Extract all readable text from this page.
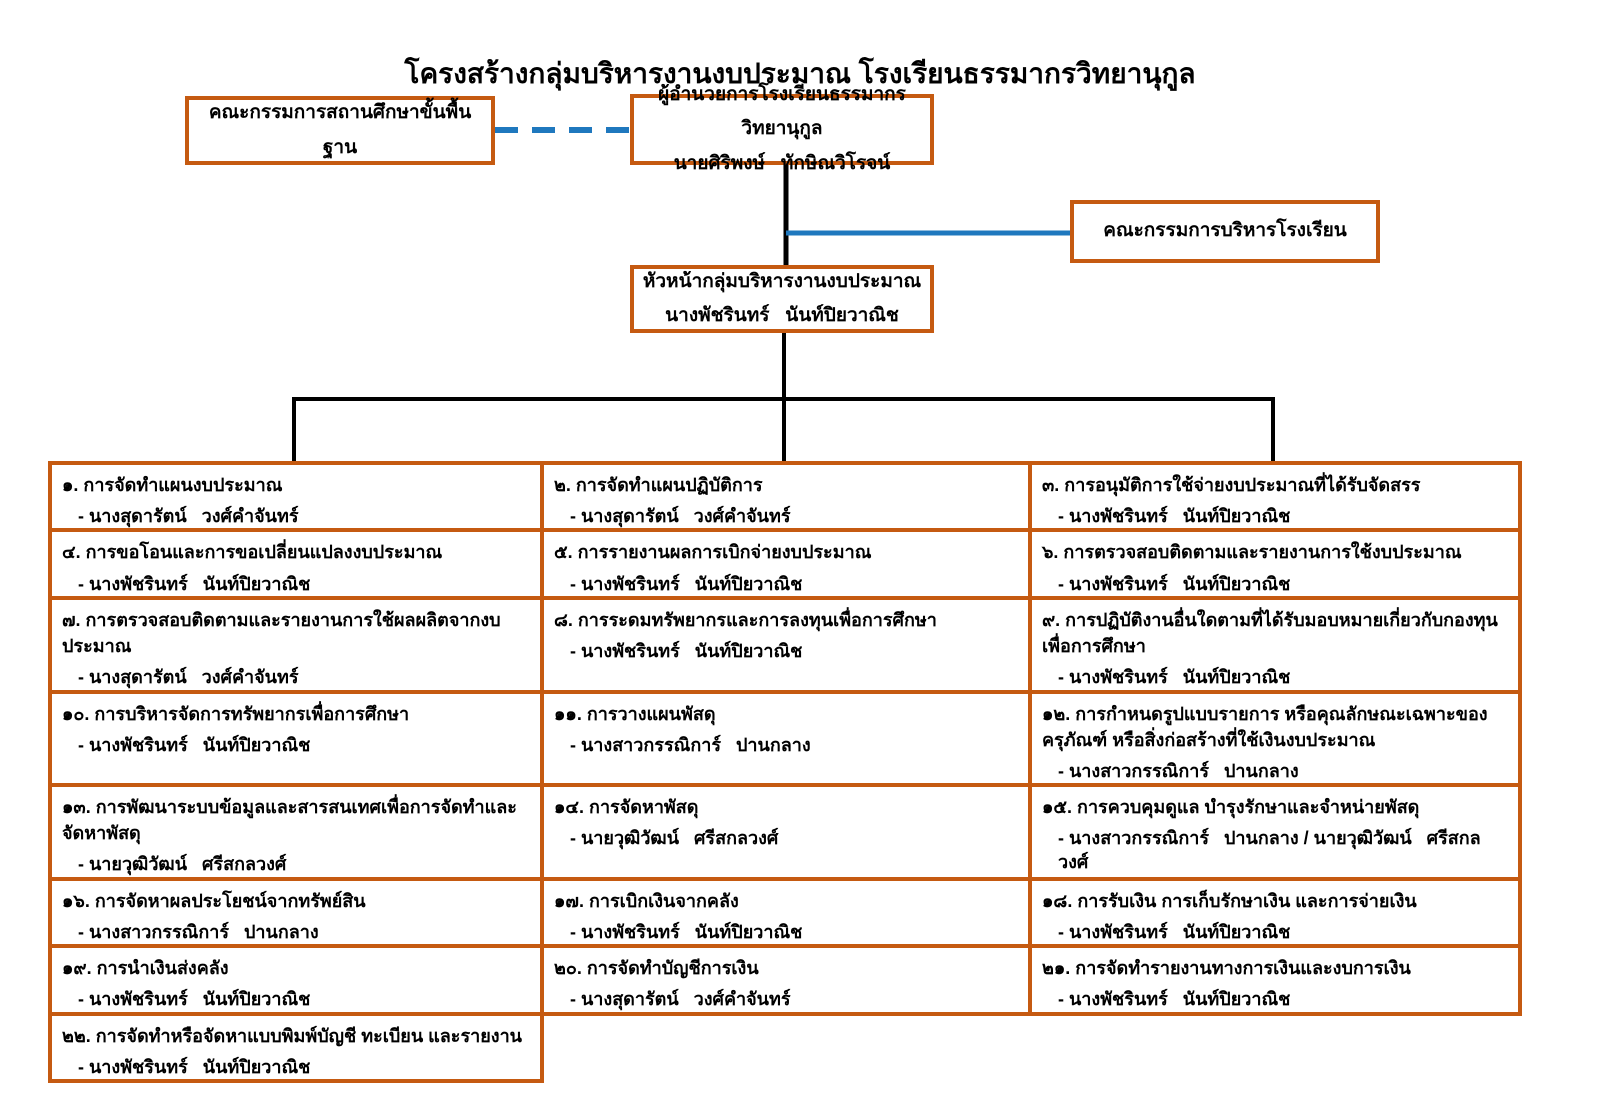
โครงสร้างกลุ่มบริหารงานงบประมาณ โรงเรียนธรรมากรวิทยานุกูล
คณะกรรมการสถานศึกษาขั้นพื้นฐาน
ผู้อำนวยการโรงเรียนธรรมากรวิทยานุกูล
นายศิริพงษ์   ทักษิณวิโรจน์
คณะกรรมการบริหารโรงเรียน
หัวหน้ากลุ่มบริหารงานงบประมาณ
นางพัชรินทร์   นันท์ปิยวาณิช
๑. การจัดทำแผนงบประมาณ
- นางสุดารัตน์   วงศ์คำจันทร์

๒. การจัดทำแผนปฏิบัติการ
- นางสุดารัตน์   วงศ์คำจันทร์

๓. การอนุมัติการใช้จ่ายงบประมาณที่ได้รับจัดสรร
- นางพัชรินทร์   นันท์ปิยวาณิช

๔. การขอโอนและการขอเปลี่ยนแปลงงบประมาณ
- นางพัชรินทร์   นันท์ปิยวาณิช

๕. การรายงานผลการเบิกจ่ายงบประมาณ
- นางพัชรินทร์   นันท์ปิยวาณิช

๖. การตรวจสอบติดตามและรายงานการใช้งบประมาณ
- นางพัชรินทร์   นันท์ปิยวาณิช

๗. การตรวจสอบติดตามและรายงานการใช้ผลผลิตจากงบประมาณ
- นางสุดารัตน์   วงศ์คำจันทร์

๘. การระดมทรัพยากรและการลงทุนเพื่อการศึกษา
- นางพัชรินทร์   นันท์ปิยวาณิช

๙. การปฏิบัติงานอื่นใดตามที่ได้รับมอบหมายเกี่ยวกับกองทุนเพื่อการศึกษา
- นางพัชรินทร์   นันท์ปิยวาณิช

๑๐. การบริหารจัดการทรัพยากรเพื่อการศึกษา
- นางพัชรินทร์   นันท์ปิยวาณิช

๑๑. การวางแผนพัสดุ
- นางสาวกรรณิการ์   ปานกลาง

๑๒. การกำหนดรูปแบบรายการ หรือคุณลักษณะเฉพาะของครุภัณฑ์ หรือสิ่งก่อสร้างที่ใช้เงินงบประมาณ
- นางสาวกรรณิการ์   ปานกลาง

๑๓. การพัฒนาระบบข้อมูลและสารสนเทศเพื่อการจัดทำและจัดหาพัสดุ
- นายวุฒิวัฒน์   ศรีสกลวงศ์

๑๔. การจัดหาพัสดุ
- นายวุฒิวัฒน์   ศรีสกลวงศ์

๑๕. การควบคุมดูแล บำรุงรักษาและจำหน่ายพัสดุ
- นางสาวกรรณิการ์   ปานกลาง / นายวุฒิวัฒน์   ศรีสกลวงศ์

๑๖. การจัดหาผลประโยชน์จากทรัพย์สิน
- นางสาวกรรณิการ์   ปานกลาง

๑๗. การเบิกเงินจากคลัง
- นางพัชรินทร์   นันท์ปิยวาณิช

๑๘. การรับเงิน การเก็บรักษาเงิน และการจ่ายเงิน
- นางพัชรินทร์   นันท์ปิยวาณิช

๑๙. การนำเงินส่งคลัง
- นางพัชรินทร์   นันท์ปิยวาณิช

๒๐. การจัดทำบัญชีการเงิน
- นางสุดารัตน์   วงศ์คำจันทร์

๒๑. การจัดทำรายงานทางการเงินและงบการเงิน
- นางพัชรินทร์   นันท์ปิยวาณิช

๒๒. การจัดทำหรือจัดหาแบบพิมพ์บัญชี ทะเบียน และรายงาน
- นางพัชรินทร์   นันท์ปิยวาณิช		
